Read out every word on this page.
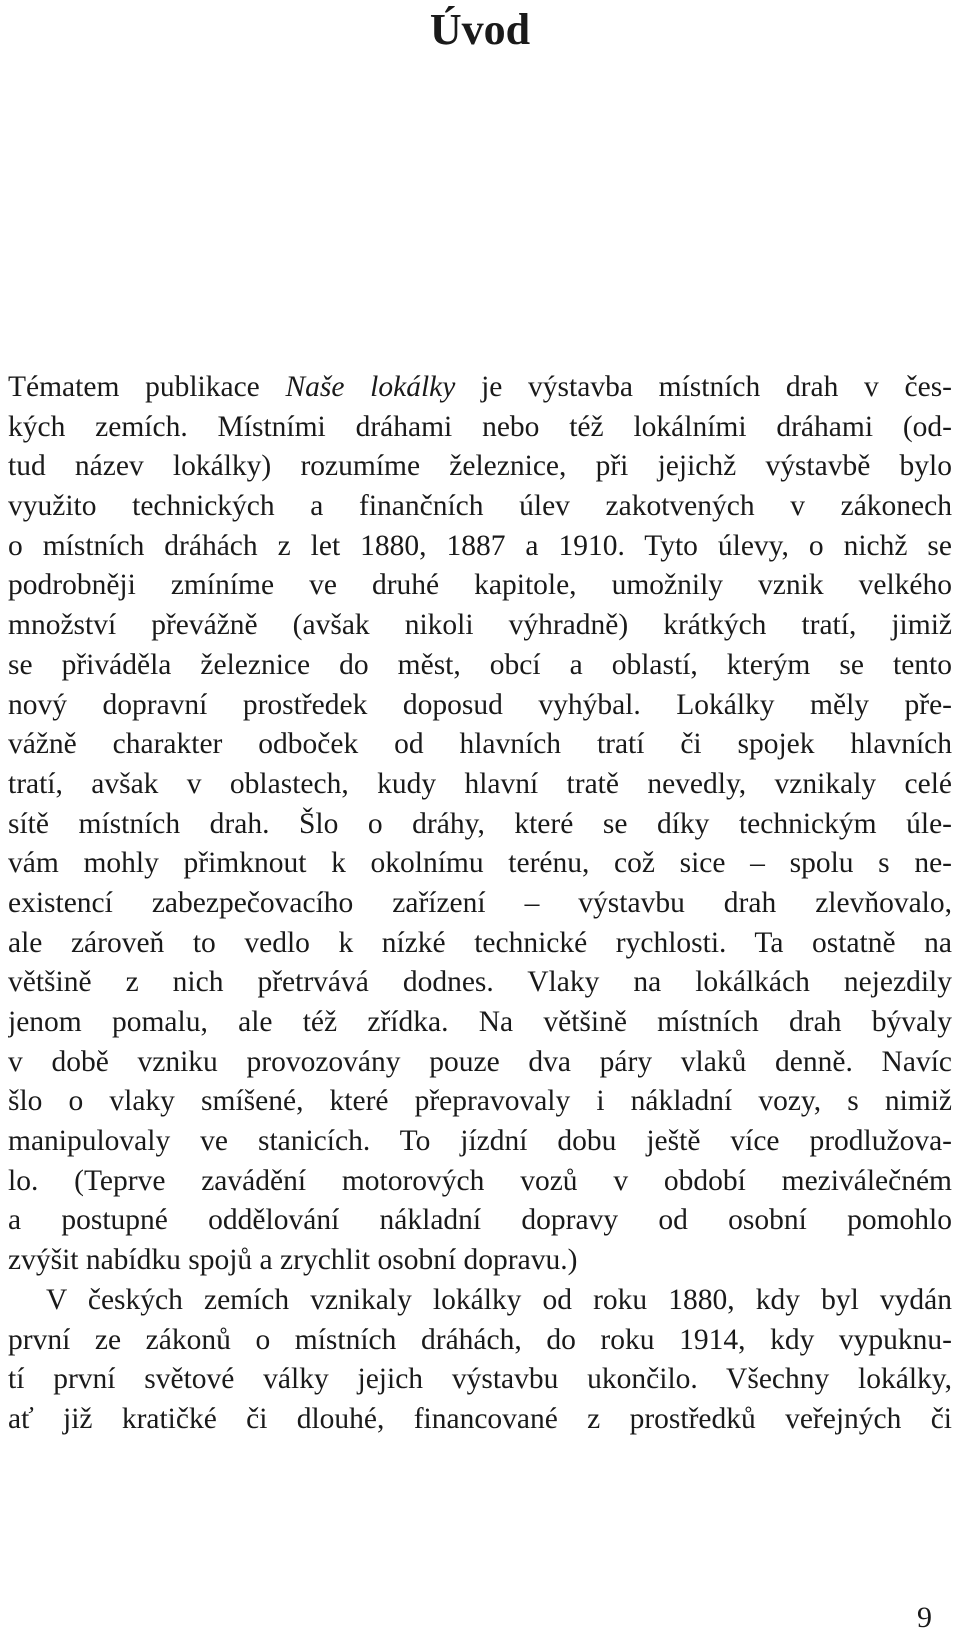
Úvod
Tématem publikace Naše lokálky je výstavba místních drah v čes-
kých zemích. Místními dráhami nebo též lokálními dráhami (od-
tud název lokálky) rozumíme železnice, při jejichž výstavbě bylo
využito technických a finančních úlev zakotvených v zákonech
o místních dráhách z let 1880, 1887 a 1910. Tyto úlevy, o nichž se
podrobněji zmíníme ve druhé kapitole, umožnily vznik velkého
množství převážně (avšak nikoli výhradně) krátkých tratí, jimiž
se přiváděla železnice do měst, obcí a oblastí, kterým se tento
nový dopravní prostředek doposud vyhýbal. Lokálky měly pře-
vážně charakter odboček od hlavních tratí či spojek hlavních
tratí, avšak v oblastech, kudy hlavní tratě nevedly, vznikaly celé
sítě místních drah. Šlo o dráhy, které se díky technickým úle-
vám mohly přimknout k okolnímu terénu, což sice – spolu s ne-
existencí zabezpečovacího zařízení – výstavbu drah zlevňovalo,
ale zároveň to vedlo k nízké technické rychlosti. Ta ostatně na
většině z nich přetrvává dodnes. Vlaky na lokálkách nejezdily
jenom pomalu, ale též zřídka. Na většině místních drah bývaly
v době vzniku provozovány pouze dva páry vlaků denně. Navíc
šlo o vlaky smíšené, které přepravovaly i nákladní vozy, s nimiž
manipulovaly ve stanicích. To jízdní dobu ještě více prodlužova-
lo. (Teprve zavádění motorových vozů v období meziválečném
a postupné oddělování nákladní dopravy od osobní pomohlo
zvýšit nabídku spojů a zrychlit osobní dopravu.)
V českých zemích vznikaly lokálky od roku 1880, kdy byl vydán
první ze zákonů o místních dráhách, do roku 1914, kdy vypuknu-
tí první světové války jejich výstavbu ukončilo. Všechny lokálky,
ať již kratičké či dlouhé, financované z prostředků veřejných či
9
